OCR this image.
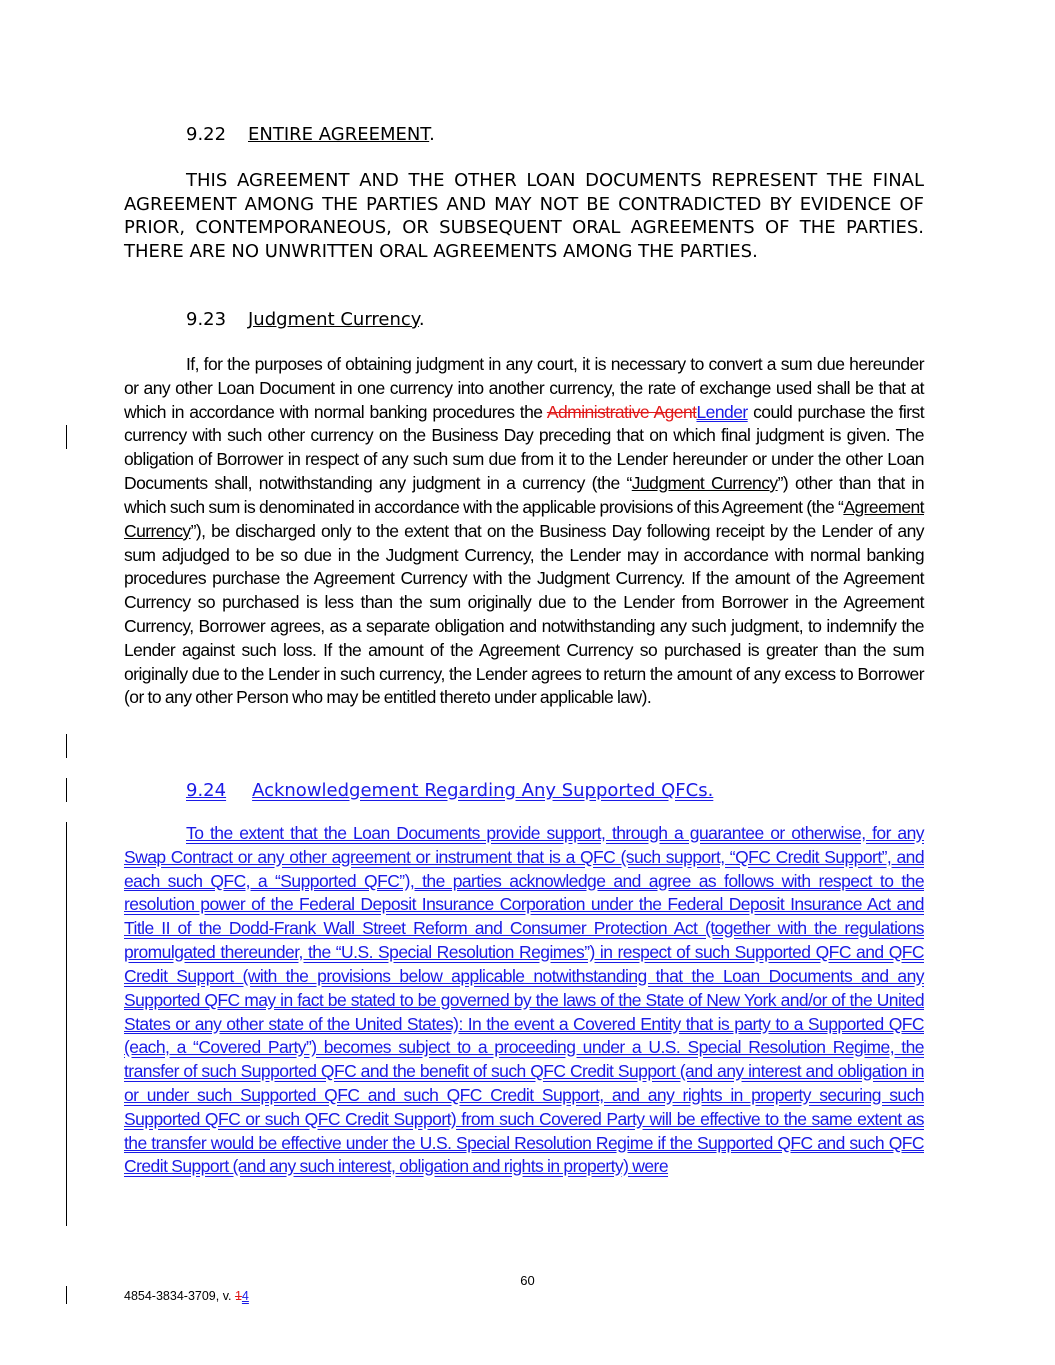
9.22 ENTIRE AGREEMENT.
THIS AGREEMENT AND THE OTHER LOAN DOCUMENTS REPRESENT THE FINAL AGREEMENT AMONG THE PARTIES AND MAY NOT BE CONTRADICTED BY EVIDENCE OF PRIOR, CONTEMPORANEOUS, OR SUBSEQUENT ORAL AGREEMENTS OF THE PARTIES. THERE ARE NO UNWRITTEN ORAL AGREEMENTS AMONG THE PARTIES.
9.23 Judgment Currency.
If, for the purposes of obtaining judgment in any court, it is necessary to convert a sum due hereunder or any other Loan Document in one currency into another currency, the rate of exchange used shall be that at which in accordance with normal banking procedures the Administrative AgentLender could purchase the first currency with such other currency on the Business Day preceding that on which final judgment is given. The obligation of Borrower in respect of any such sum due from it to the Lender hereunder or under the other Loan Documents shall, notwithstanding any judgment in a currency (the “Judgment Currency”) other than that in which such sum is denominated in accordance with the applicable provisions of this Agreement (the “Agreement Currency”), be discharged only to the extent that on the Business Day following receipt by the Lender of any sum adjudged to be so due in the Judgment Currency, the Lender may in accordance with normal banking procedures purchase the Agreement Currency with the Judgment Currency. If the amount of the Agreement Currency so purchased is less than the sum originally due to the Lender from Borrower in the Agreement Currency, Borrower agrees, as a separate obligation and notwithstanding any such judgment, to indemnify the Lender against such loss. If the amount of the Agreement Currency so purchased is greater than the sum originally due to the Lender in such currency, the Lender agrees to return the amount of any excess to Borrower (or to any other Person who may be entitled thereto under applicable law).
9.24 Acknowledgement Regarding Any Supported QFCs.
To the extent that the Loan Documents provide support, through a guarantee or otherwise, for any Swap Contract or any other agreement or instrument that is a QFC (such support, “QFC Credit Support”, and each such QFC, a “Supported QFC”), the parties acknowledge and agree as follows with respect to the resolution power of the Federal Deposit Insurance Corporation under the Federal Deposit Insurance Act and Title II of the Dodd-Frank Wall Street Reform and Consumer Protection Act (together with the regulations promulgated thereunder, the “U.S. Special Resolution Regimes”) in respect of such Supported QFC and QFC Credit Support (with the provisions below applicable notwithstanding that the Loan Documents and any Supported QFC may in fact be stated to be governed by the laws of the State of New York and/or of the United States or any other state of the United States): In the event a Covered Entity that is party to a Supported QFC (each, a “Covered Party”) becomes subject to a proceeding under a U.S. Special Resolution Regime, the transfer of such Supported QFC and the benefit of such QFC Credit Support (and any interest and obligation in or under such Supported QFC and such QFC Credit Support, and any rights in property securing such Supported QFC or such QFC Credit Support) from such Covered Party will be effective to the same extent as the transfer would be effective under the U.S. Special Resolution Regime if the Supported QFC and such QFC Credit Support (and any such interest, obligation and rights in property) were
60
4854-3834-3709, v. 14
